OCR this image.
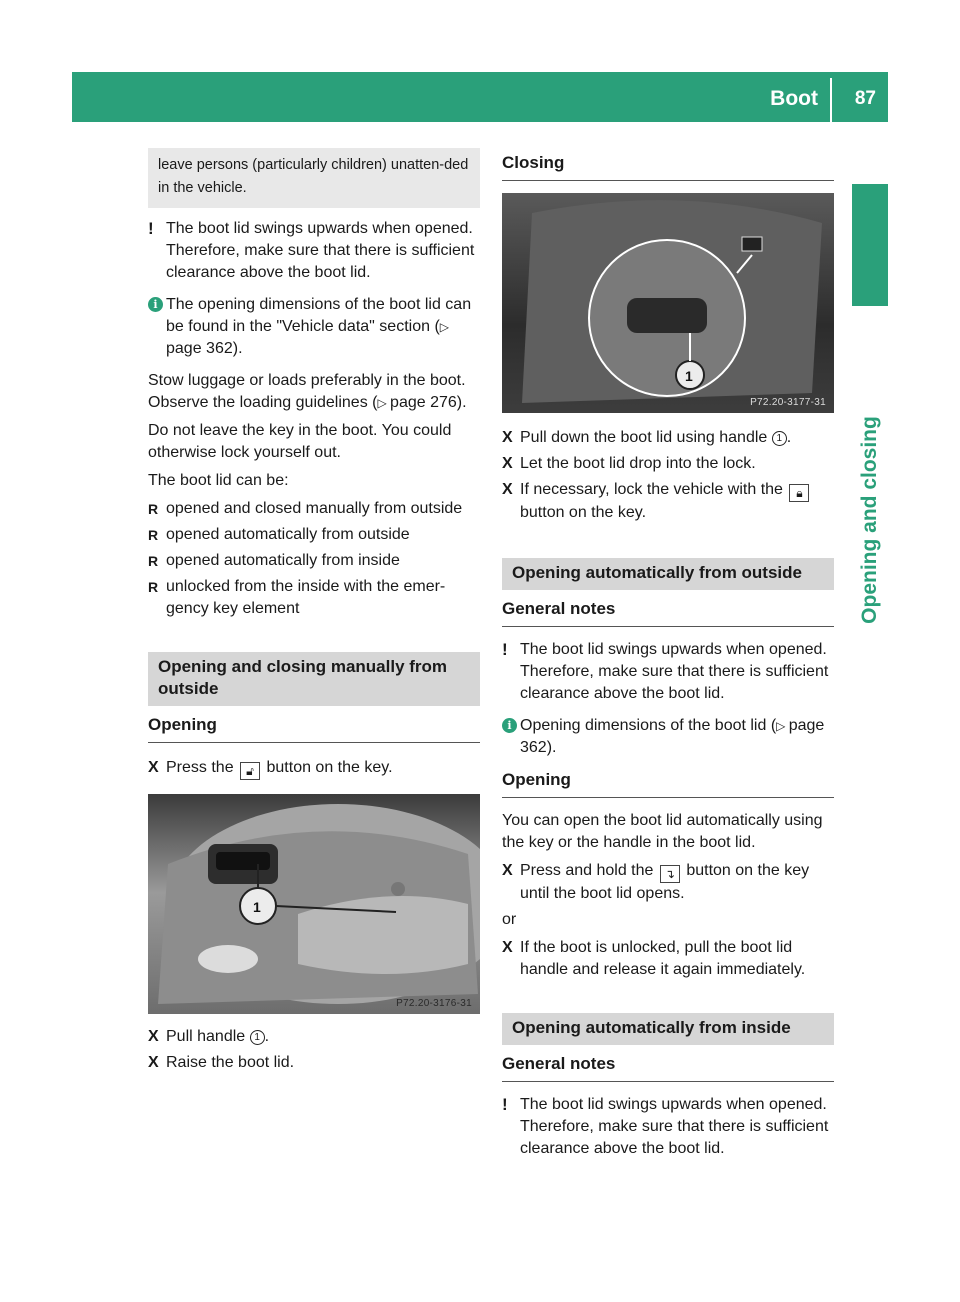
Boot 87
Opening and closing
leave persons (particularly children) unatten-ded in the vehicle.
! The boot lid swings upwards when opened. Therefore, make sure that there is sufficient clearance above the boot lid.
i The opening dimensions of the boot lid can be found in the "Vehicle data" section (▷ page 362).

Stow luggage or loads preferably in the boot. Observe the loading guidelines (▷ page 276).

Do not leave the key in the boot. You could otherwise lock yourself out.

The boot lid can be:

R opened and closed manually from outside
R opened automatically from outside
R opened automatically from inside
R unlocked from the inside with the emer-gency key element
Opening and closing manually from outside
Opening
X Press the 🔓︎ button on the key.
1
P72.20-3176-31
X Pull handle 1 .
X Raise the boot lid.
Closing
1
P72.20-3177-31
X Pull down the boot lid using handle 1 .
X Let the boot lid drop into the lock.
X If necessary, lock the vehicle with the 🔒︎ button on the key.
Opening automatically from outside
General notes
! The boot lid swings upwards when opened. Therefore, make sure that there is sufficient clearance above the boot lid.
i Opening dimensions of the boot lid (▷ page 362).
Opening

You can open the boot lid automatically using the key or the handle in the boot lid.

X Press and hold the ↴ button on the key until the boot lid opens.

or

X If the boot is unlocked, pull the boot lid handle and release it again immediately.
Opening automatically from inside
General notes
! The boot lid swings upwards when opened. Therefore, make sure that there is sufficient clearance above the boot lid.
